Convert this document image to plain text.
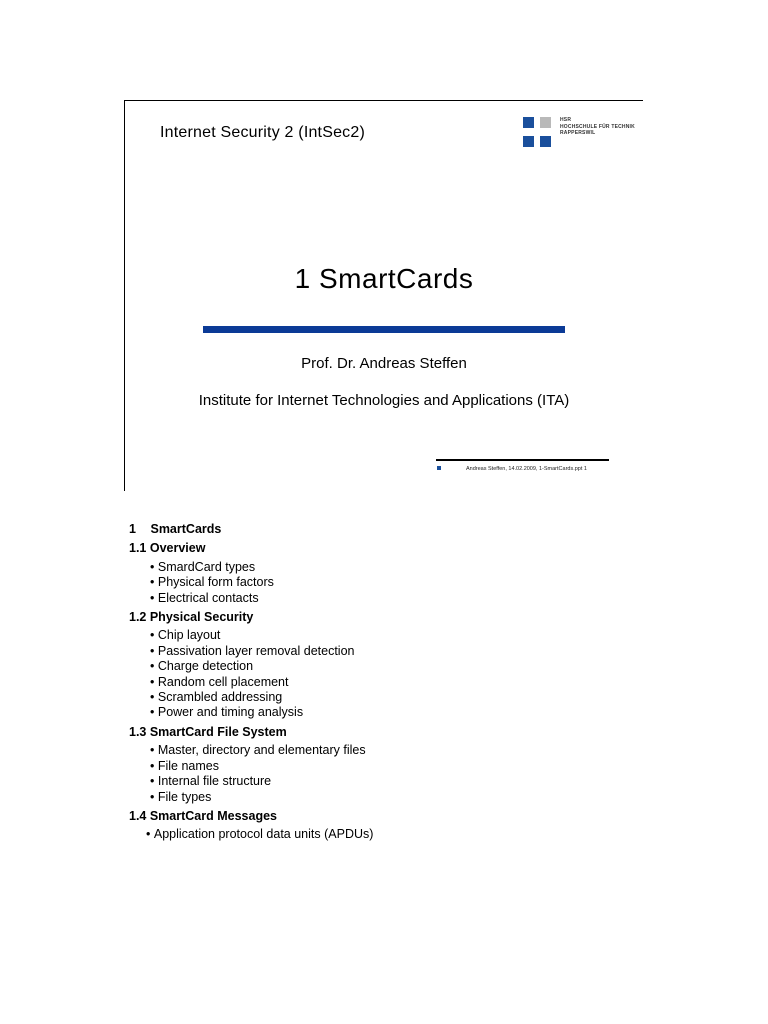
Internet Security 2 (IntSec2)
HSR
HOCHSCHULE FÜR TECHNIK
RAPPERSWIL
1 SmartCards
Prof. Dr. Andreas Steffen
Institute for Internet Technologies and Applications (ITA)
Andreas Steffen, 14.02.2009, 1-SmartCards.ppt 1
1 SmartCards
1.1 Overview
• SmardCard types
• Physical form factors
• Electrical contacts
1.2 Physical Security
• Chip layout
• Passivation layer removal detection
• Charge detection
• Random cell placement
• Scrambled addressing
• Power and timing analysis
1.3 SmartCard File System
• Master, directory and elementary files
• File names
• Internal file structure
• File types
1.4 SmartCard Messages
• Application protocol data units (APDUs)
